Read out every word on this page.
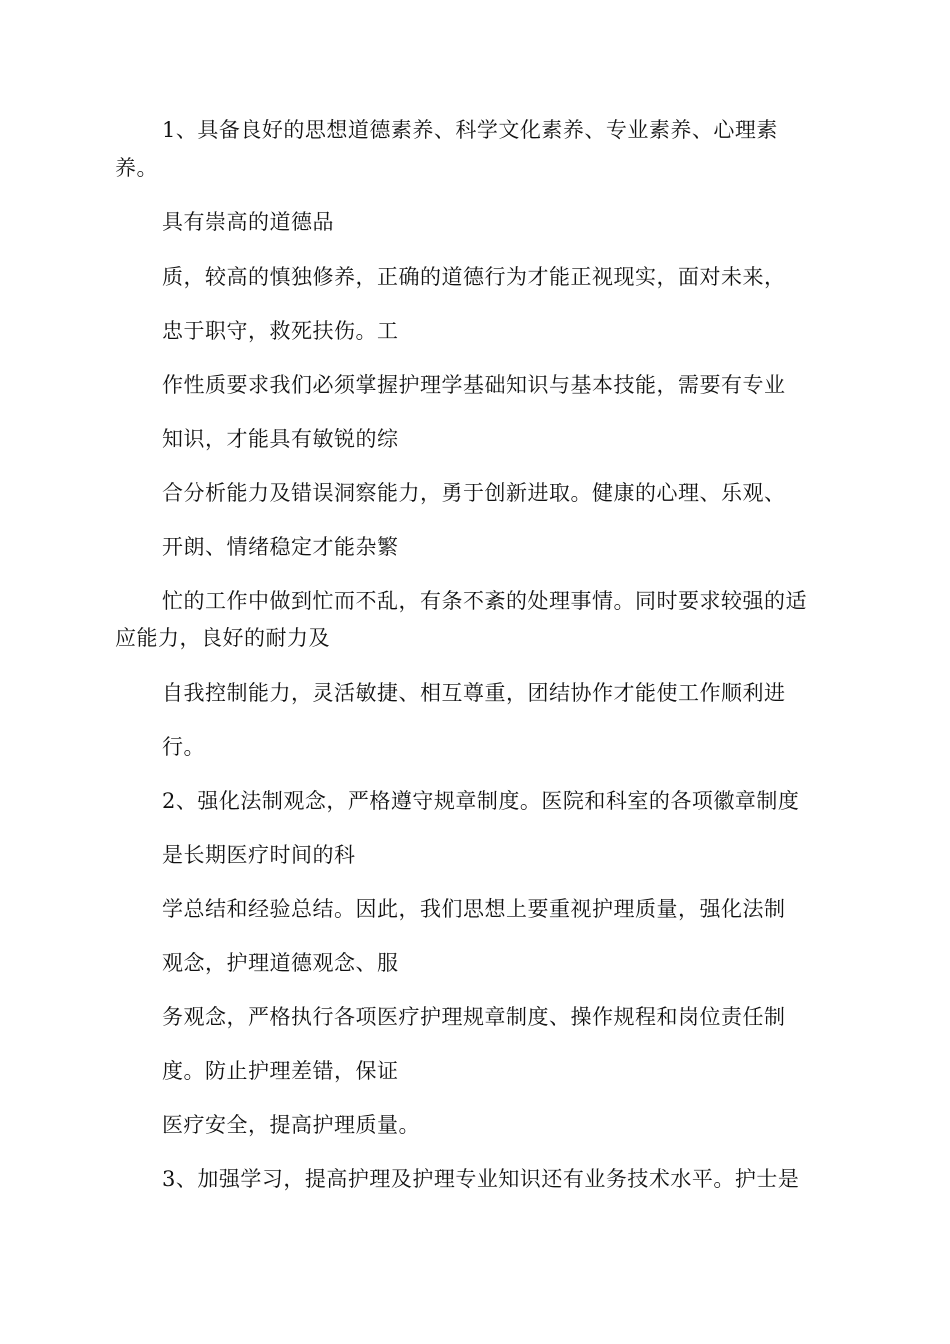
1、具备良好的思想道德素养、科学文化素养、专业素养、心理素
养。
具有崇高的道德品
质，较高的慎独修养，正确的道德行为才能正视现实，面对未来，
忠于职守，救死扶伤。工
作性质要求我们必须掌握护理学基础知识与基本技能，需要有专业
知识，才能具有敏锐的综
合分析能力及错误洞察能力，勇于创新进取。健康的心理、乐观、
开朗、情绪稳定才能杂繁
忙的工作中做到忙而不乱，有条不紊的处理事情。同时要求较强的适
应能力，良好的耐力及
自我控制能力，灵活敏捷、相互尊重，团结协作才能使工作顺利进
行。
2、强化法制观念，严格遵守规章制度。医院和科室的各项徽章制度
是长期医疗时间的科
学总结和经验总结。因此，我们思想上要重视护理质量，强化法制
观念，护理道德观念、服
务观念，严格执行各项医疗护理规章制度、操作规程和岗位责任制
度。防止护理差错，保证
医疗安全，提高护理质量。
3、加强学习，提高护理及护理专业知识还有业务技术水平。护士是
